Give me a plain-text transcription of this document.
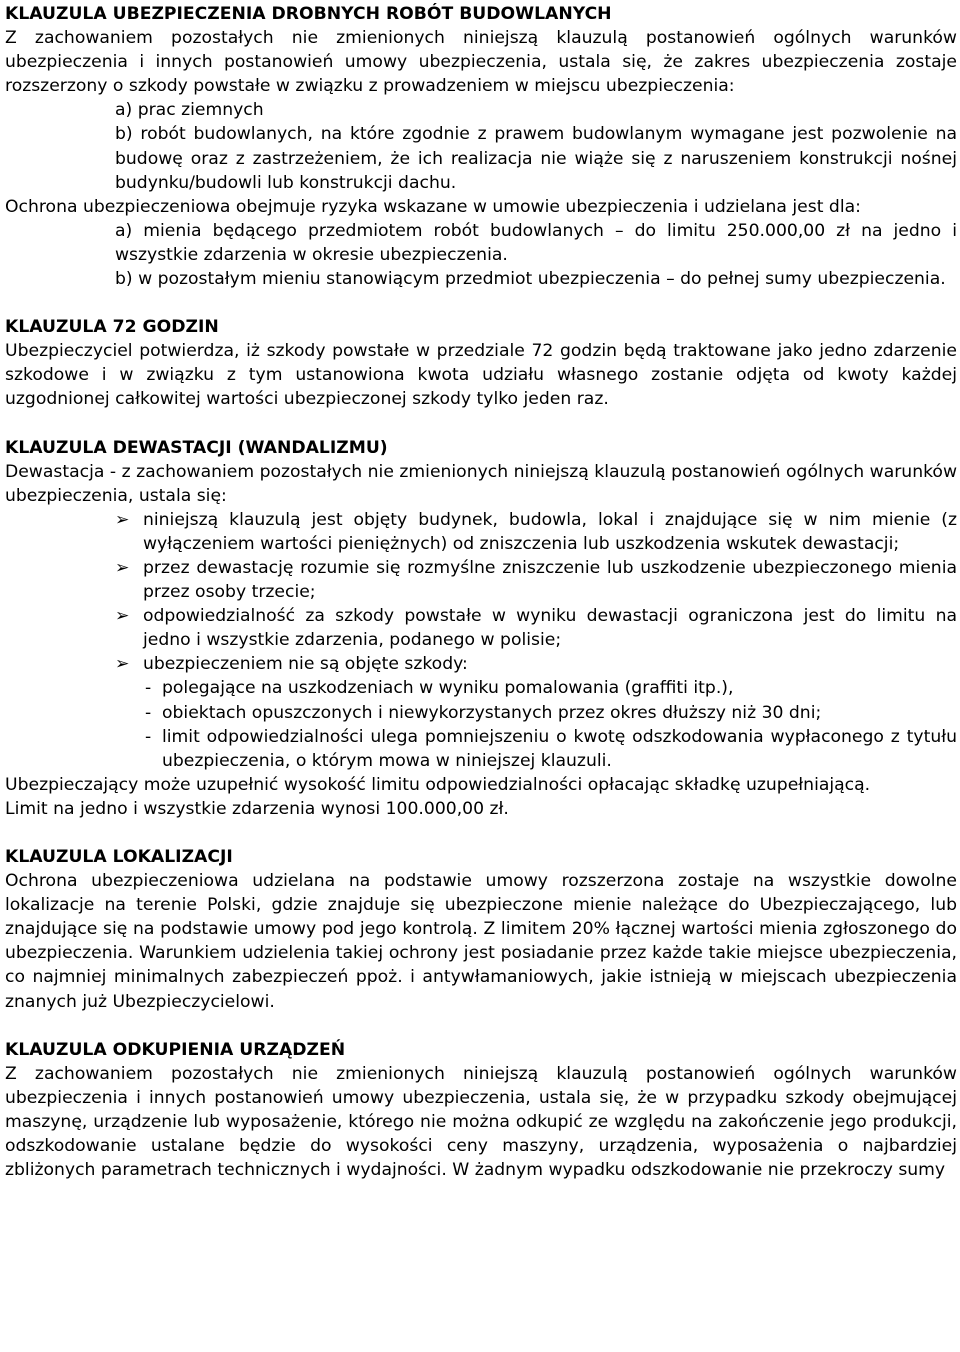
KLAUZULA UBEZPIECZENIA DROBNYCH ROBÓT BUDOWLANYCH

Z zachowaniem pozostałych nie zmienionych niniejszą klauzulą postanowień ogólnych warunków ubezpieczenia i innych postanowień umowy ubezpieczenia, ustala się, że zakres ubezpieczenia zostaje rozszerzony o szkody powstałe w związku z prowadzeniem w miejscu ubezpieczenia:

a) prac ziemnych

b) robót budowlanych, na które zgodnie z prawem budowlanym wymagane jest pozwolenie na budowę oraz z zastrzeżeniem, że ich realizacja nie wiąże się z naruszeniem konstrukcji nośnej budynku/budowli lub konstrukcji dachu.

Ochrona ubezpieczeniowa obejmuje ryzyka wskazane w umowie ubezpieczenia i udzielana jest dla:

a) mienia będącego przedmiotem robót budowlanych – do limitu 250.000,00 zł na jedno i wszystkie zdarzenia w okresie ubezpieczenia.

b) w pozostałym mieniu stanowiącym przedmiot ubezpieczenia – do pełnej sumy ubezpieczenia.

KLAUZULA 72 GODZIN

Ubezpieczyciel potwierdza, iż szkody powstałe w przedziale 72 godzin będą traktowane jako jedno zdarzenie szkodowe i w związku z tym ustanowiona kwota udziału własnego zostanie odjęta od kwoty każdej uzgodnionej całkowitej wartości ubezpieczonej szkody tylko jeden raz.

KLAUZULA DEWASTACJI (WANDALIZMU)

Dewastacja - z zachowaniem pozostałych nie zmienionych niniejszą klauzulą postanowień ogólnych warunków ubezpieczenia, ustala się:

➢ niniejszą klauzulą jest objęty budynek, budowla, lokal i znajdujące się w nim mienie (z wyłączeniem wartości pieniężnych) od zniszczenia lub uszkodzenia wskutek dewastacji;

➢ przez dewastację rozumie się rozmyślne zniszczenie lub uszkodzenie ubezpieczonego mienia przez osoby trzecie;

➢ odpowiedzialność za szkody powstałe w wyniku dewastacji ograniczona jest do limitu na jedno i wszystkie zdarzenia, podanego w polisie;

➢ ubezpieczeniem nie są objęte szkody:

- polegające na uszkodzeniach w wyniku pomalowania (graffiti itp.),

- obiektach opuszczonych i niewykorzystanych przez okres dłuższy niż 30 dni;

- limit odpowiedzialności ulega pomniejszeniu o kwotę odszkodowania wypłaconego z tytułu ubezpieczenia, o którym mowa w niniejszej klauzuli.

Ubezpieczający może uzupełnić wysokość limitu odpowiedzialności opłacając składkę uzupełniającą.

Limit na jedno i wszystkie zdarzenia wynosi 100.000,00 zł.

KLAUZULA LOKALIZACJI

Ochrona ubezpieczeniowa udzielana na podstawie umowy rozszerzona zostaje na wszystkie dowolne lokalizacje na terenie Polski, gdzie znajduje się ubezpieczone mienie należące do Ubezpieczającego, lub znajdujące się na podstawie umowy pod jego kontrolą. Z limitem 20% łącznej wartości mienia zgłoszonego do ubezpieczenia. Warunkiem udzielenia takiej ochrony jest posiadanie przez każde takie miejsce ubezpieczenia, co najmniej minimalnych zabezpieczeń ppoż. i antywłamaniowych, jakie istnieją w miejscach ubezpieczenia znanych już Ubezpieczycielowi.

KLAUZULA ODKUPIENIA URZĄDZEŃ

Z zachowaniem pozostałych nie zmienionych niniejszą klauzulą postanowień ogólnych warunków ubezpieczenia i innych postanowień umowy ubezpieczenia, ustala się, że w przypadku szkody obejmującej maszynę, urządzenie lub wyposażenie, którego nie można odkupić ze względu na zakończenie jego produkcji, odszkodowanie ustalane będzie do wysokości ceny maszyny, urządzenia, wyposażenia o najbardziej zbliżonych parametrach technicznych i wydajności. W żadnym wypadku odszkodowanie nie przekroczy sumy
